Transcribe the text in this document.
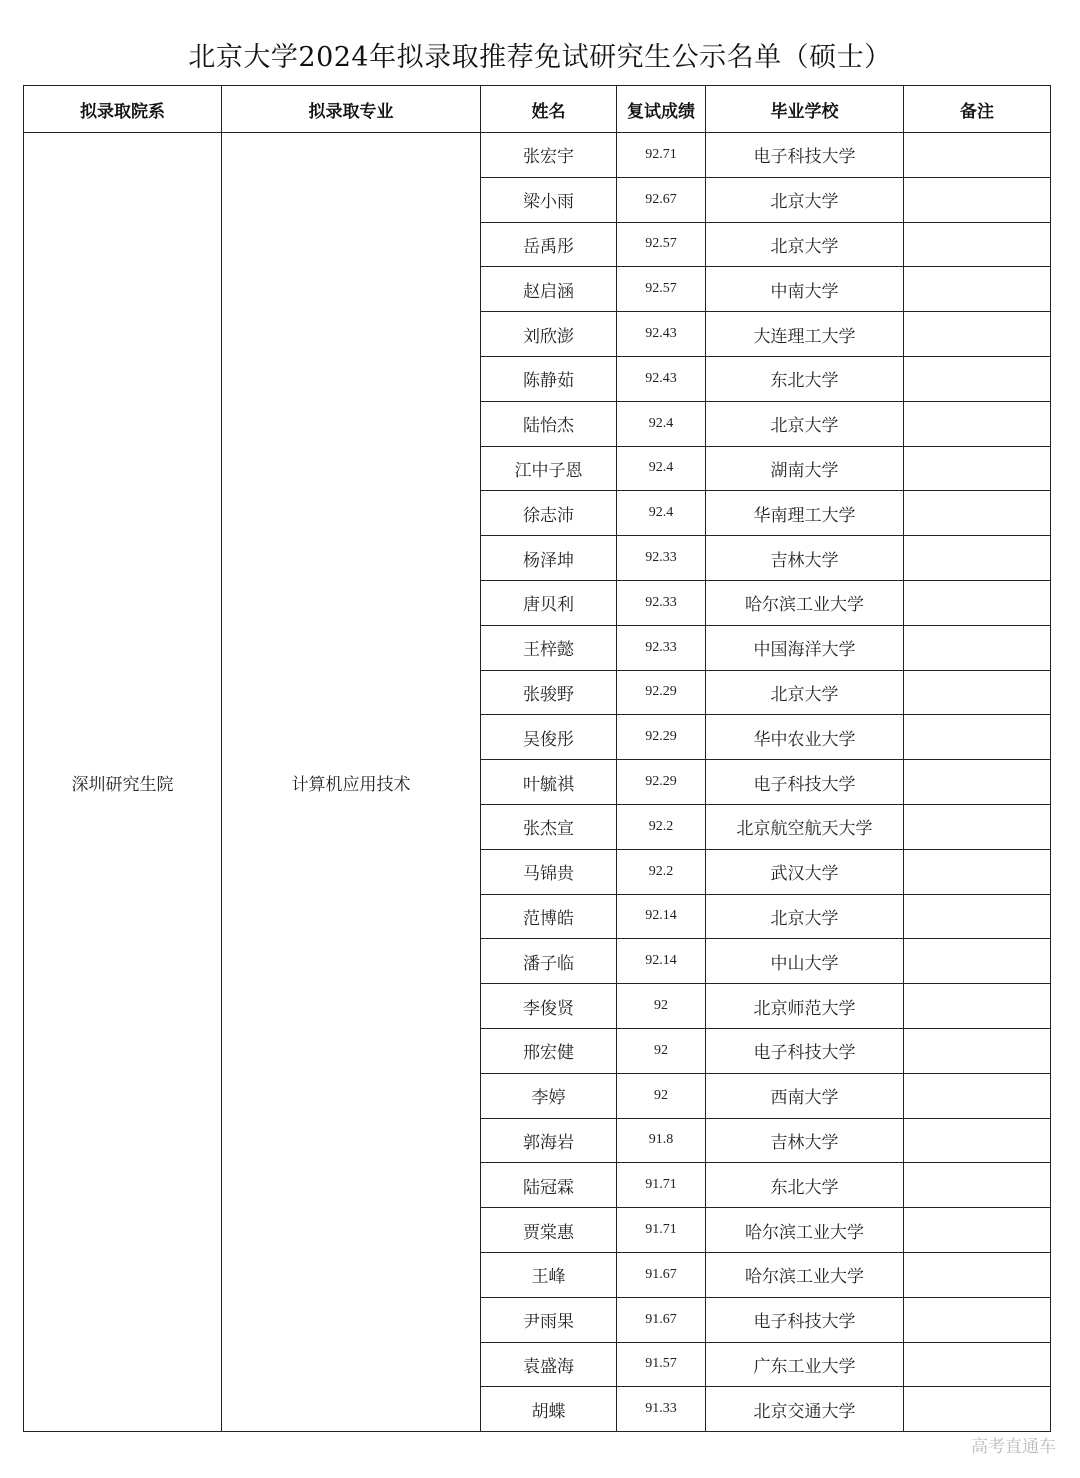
北京大学2024年拟录取推荐免试研究生公示名单（硕士）
拟录取院系	拟录取专业	姓名	复试成绩	毕业学校	备注
深圳研究生院	计算机应用技术	张宏宇	92.71	电子科技大学	
		梁小雨	92.67	北京大学	
		岳禹彤	92.57	北京大学	
		赵启涵	92.57	中南大学	
		刘欣澎	92.43	大连理工大学	
		陈静茹	92.43	东北大学	
		陆怡杰	92.4	北京大学	
		江中子恩	92.4	湖南大学	
		徐志沛	92.4	华南理工大学	
		杨泽坤	92.33	吉林大学	
		唐贝利	92.33	哈尔滨工业大学	
		王梓懿	92.33	中国海洋大学	
		张骏野	92.29	北京大学	
		吴俊彤	92.29	华中农业大学	
		叶毓祺	92.29	电子科技大学	
		张杰宣	92.2	北京航空航天大学	
		马锦贵	92.2	武汉大学	
		范博皓	92.14	北京大学	
		潘子临	92.14	中山大学	
		李俊贤	92	北京师范大学	
		邢宏健	92	电子科技大学	
		李婷	92	西南大学	
		郭海岩	91.8	吉林大学	
		陆冠霖	91.71	东北大学	
		贾棠惠	91.71	哈尔滨工业大学	
		王峰	91.67	哈尔滨工业大学	
		尹雨果	91.67	电子科技大学	
		袁盛海	91.57	广东工业大学	
		胡蝶	91.33	北京交通大学	
高考直通车
